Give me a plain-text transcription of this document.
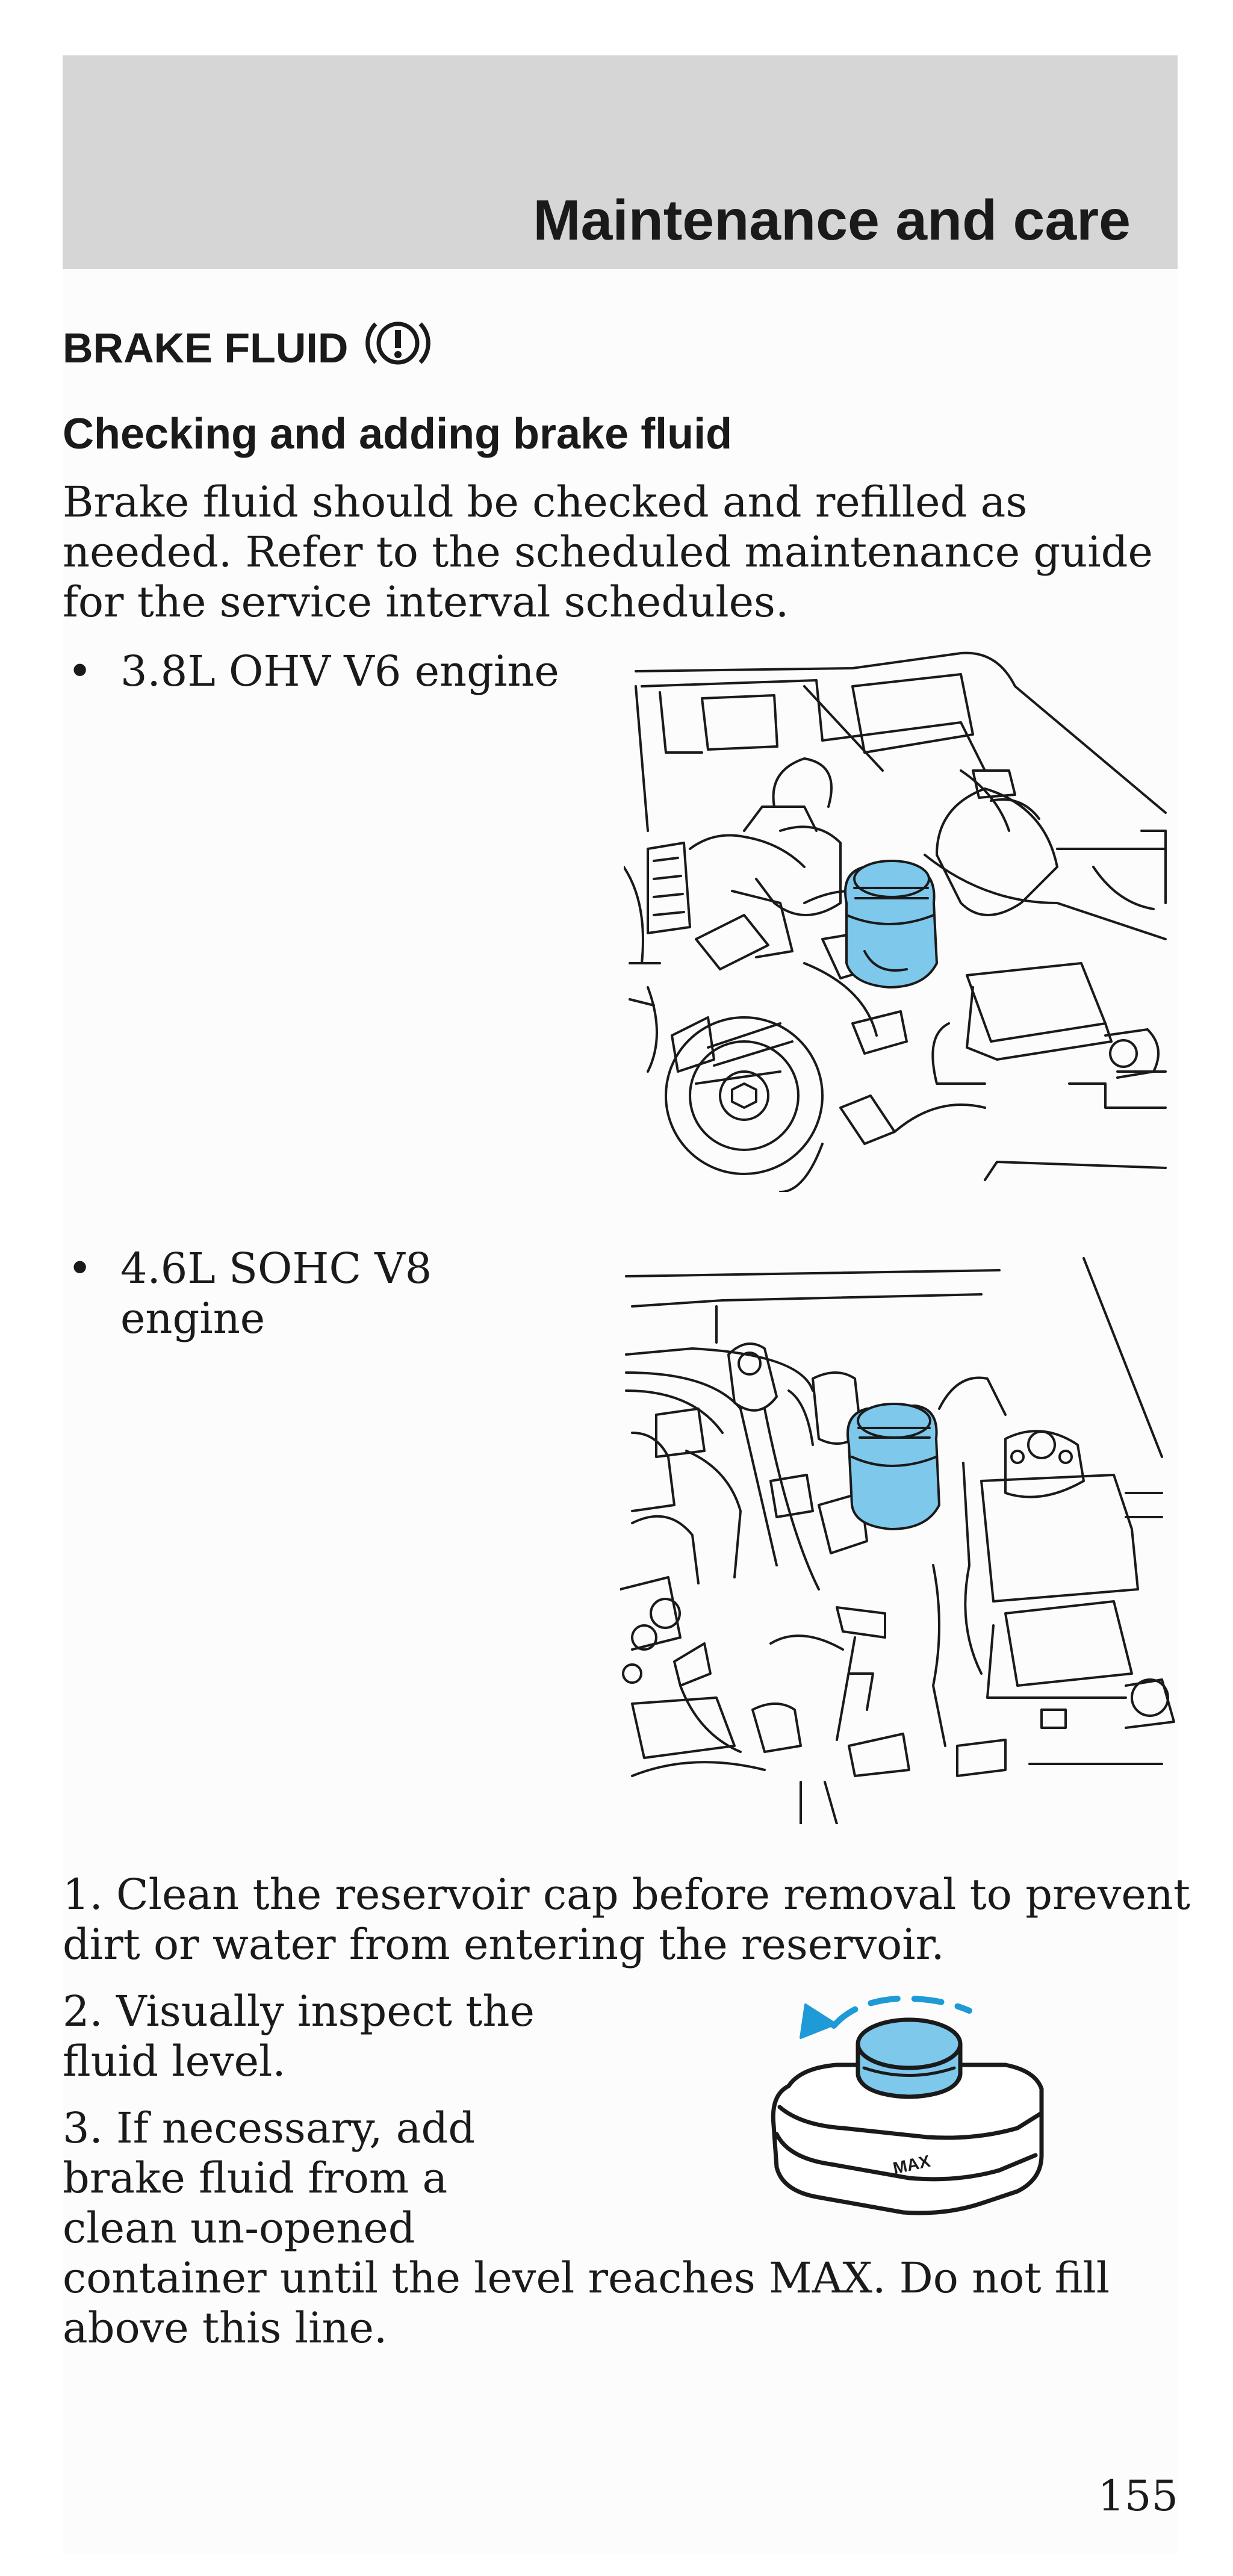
Maintenance and care
BRAKE FLUID
Checking and adding brake fluid
Brake fluid should be checked and refilled as
needed. Refer to the scheduled maintenance guide
for the service interval schedules.
• 3.8L OHV V6 engine
• 4.6L SOHC V8
engine
1. Clean the reservoir cap before removal to prevent
dirt or water from entering the reservoir.
2. Visually inspect the
fluid level.
3. If necessary, add
brake fluid from a
clean un-opened
container until the level reaches MAX. Do not fill
above this line.
MAX
155
